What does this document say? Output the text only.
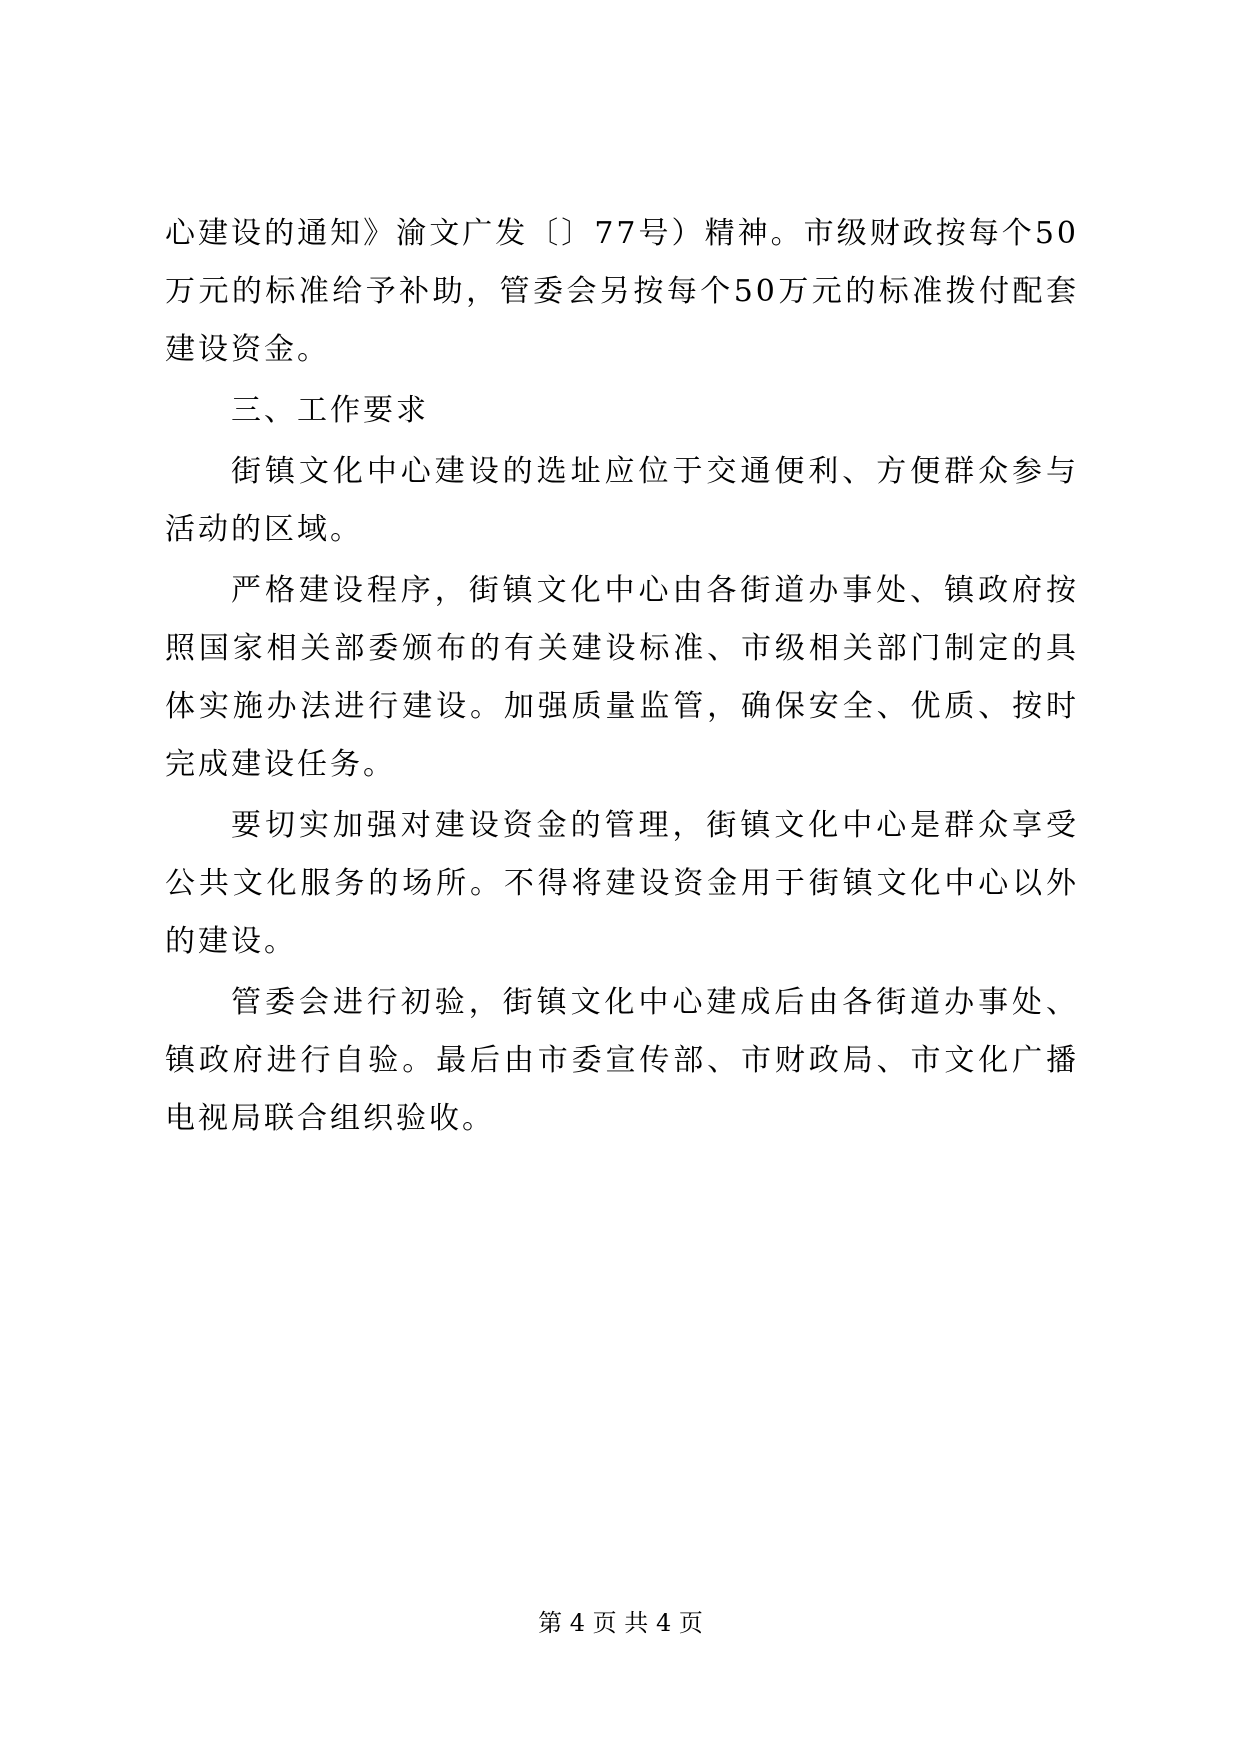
心建设的通知》渝文广发〔〕77号）精神。市级财政按每个50万元的标准给予补助，管委会另按每个50万元的标准拨付配套建设资金。

三、工作要求

街镇文化中心建设的选址应位于交通便利、方便群众参与活动的区域。

严格建设程序，街镇文化中心由各街道办事处、镇政府按照国家相关部委颁布的有关建设标准、市级相关部门制定的具体实施办法进行建设。加强质量监管，确保安全、优质、按时完成建设任务。

要切实加强对建设资金的管理，街镇文化中心是群众享受公共文化服务的场所。不得将建设资金用于街镇文化中心以外的建设。

管委会进行初验，街镇文化中心建成后由各街道办事处、镇政府进行自验。最后由市委宣传部、市财政局、市文化广播电视局联合组织验收。

第 4 页 共 4 页
